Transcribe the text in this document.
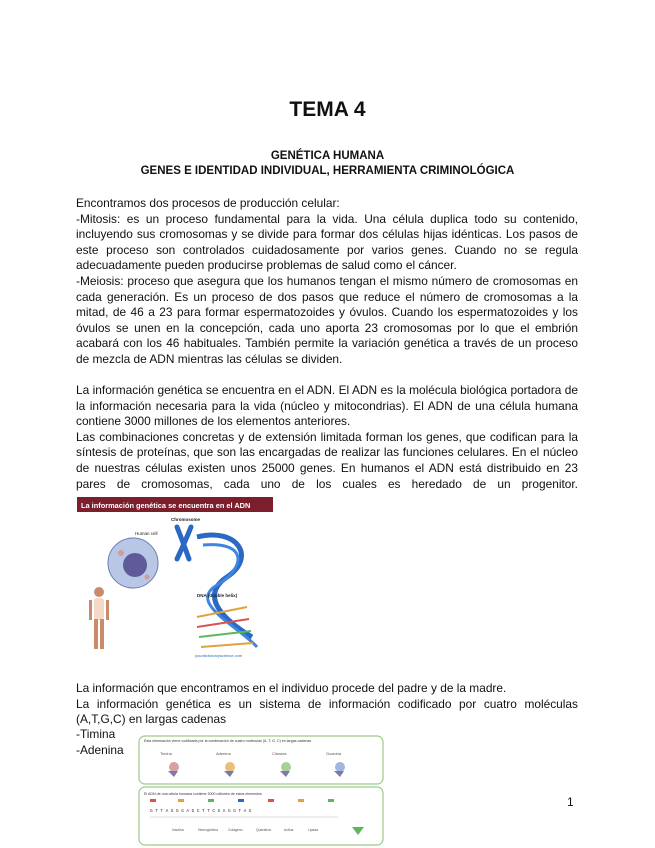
TEMA 4
GENÉTICA HUMANA
GENES E IDENTIDAD INDIVIDUAL, HERRAMIENTA CRIMINOLÓGICA

Encontramos dos procesos de producción celular:

-Mitosis: es un proceso fundamental para la vida. Una célula duplica todo su contenido, incluyendo sus cromosomas y se divide para formar dos células hijas idénticas. Los pasos de este proceso son controlados cuidadosamente por varios genes. Cuando no se regula adecuadamente pueden producirse problemas de salud como el cáncer.

-Meiosis: proceso que asegura que los humanos tengan el mismo número de cromosomas en cada generación. Es un proceso de dos pasos que reduce el número de cromosomas a la mitad, de 46 a 23 para formar espermatozoides y óvulos. Cuando los espermatozoides y los óvulos se unen en la concepción, cada uno aporta 23 cromosomas por lo que el embrión acabará con los 46 habituales. También permite la variación genética a través de un proceso de mezcla de ADN mientras las células se dividen.

La información genética se encuentra en el ADN. El ADN es la molécula biológica portadora de la información necesaria para la vida (núcleo y mitocondrias). El ADN de una célula humana contiene 3000 millones de los elementos anteriores.

Las combinaciones concretas y de extensión limitada forman los genes, que codifican para la síntesis de proteínas, que son las encargadas de realizar las funciones celulares. En el núcleo de nuestras células existen unos 25000 genes. En humanos el ADN está distribuido en 23 pares de cromosomas, cada uno de los cuales es heredado de un progenitor.

La información genética se encuentra en el ADN
Human cell
Chromosome
DNA (double helix)
yourdictionaryscience.com

La información que encontramos en el individuo procede del padre y de la madre.

La información genética es un sistema de información codificado por cuatro moléculas (A,T,G,C) en largas cadenas

-Timina
-Adenina
Esta información viene codificada por la combinación de cuatro moléculas (A, T, G, C) en largas cadenas
Timina	Adenina	Citosina	Guanina
El ADN de una célula humana contiene 3000 millones de estos elementos
GTTAGGGAGCTTCGAGGTAG
Insulina	Hemoglobina	Colágeno	Queratina	Actina	Lipasa
1
